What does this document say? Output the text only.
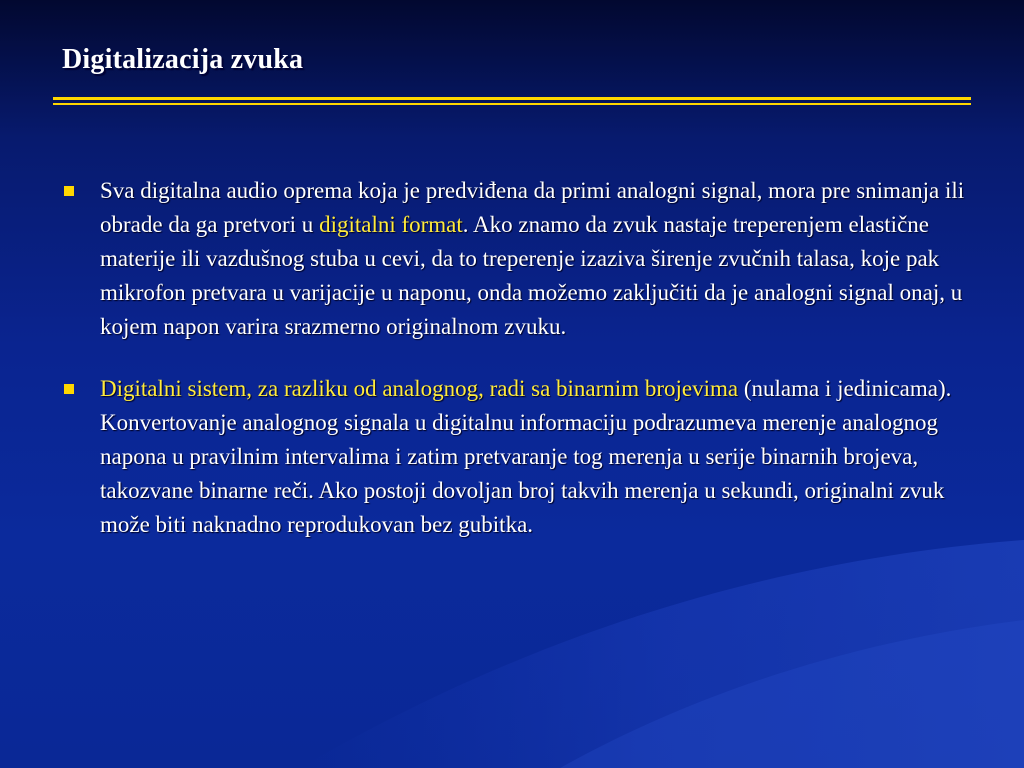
Digitalizacija zvuka

Sva digitalna audio oprema koja je predviđena da primi analogni signal, mora pre snimanja ili obrade da ga pretvori u digitalni format. Ako znamo da zvuk nastaje treperenjem elastične materije ili vazdušnog stuba u cevi, da to treperenje izaziva širenje zvučnih talasa, koje pak mikrofon pretvara u varijacije u naponu, onda možemo zaključiti da je analogni signal onaj, u kojem napon varira srazmerno originalnom zvuku.

Digitalni sistem, za razliku od analognog, radi sa binarnim brojevima (nulama i jedinicama). Konvertovanje analognog signala u digitalnu informaciju podrazumeva merenje analognog napona u pravilnim intervalima i zatim pretvaranje tog merenja u serije binarnih brojeva, takozvane binarne reči. Ako postoji dovoljan broj takvih merenja u sekundi, originalni zvuk može biti naknadno reprodukovan bez gubitka.
